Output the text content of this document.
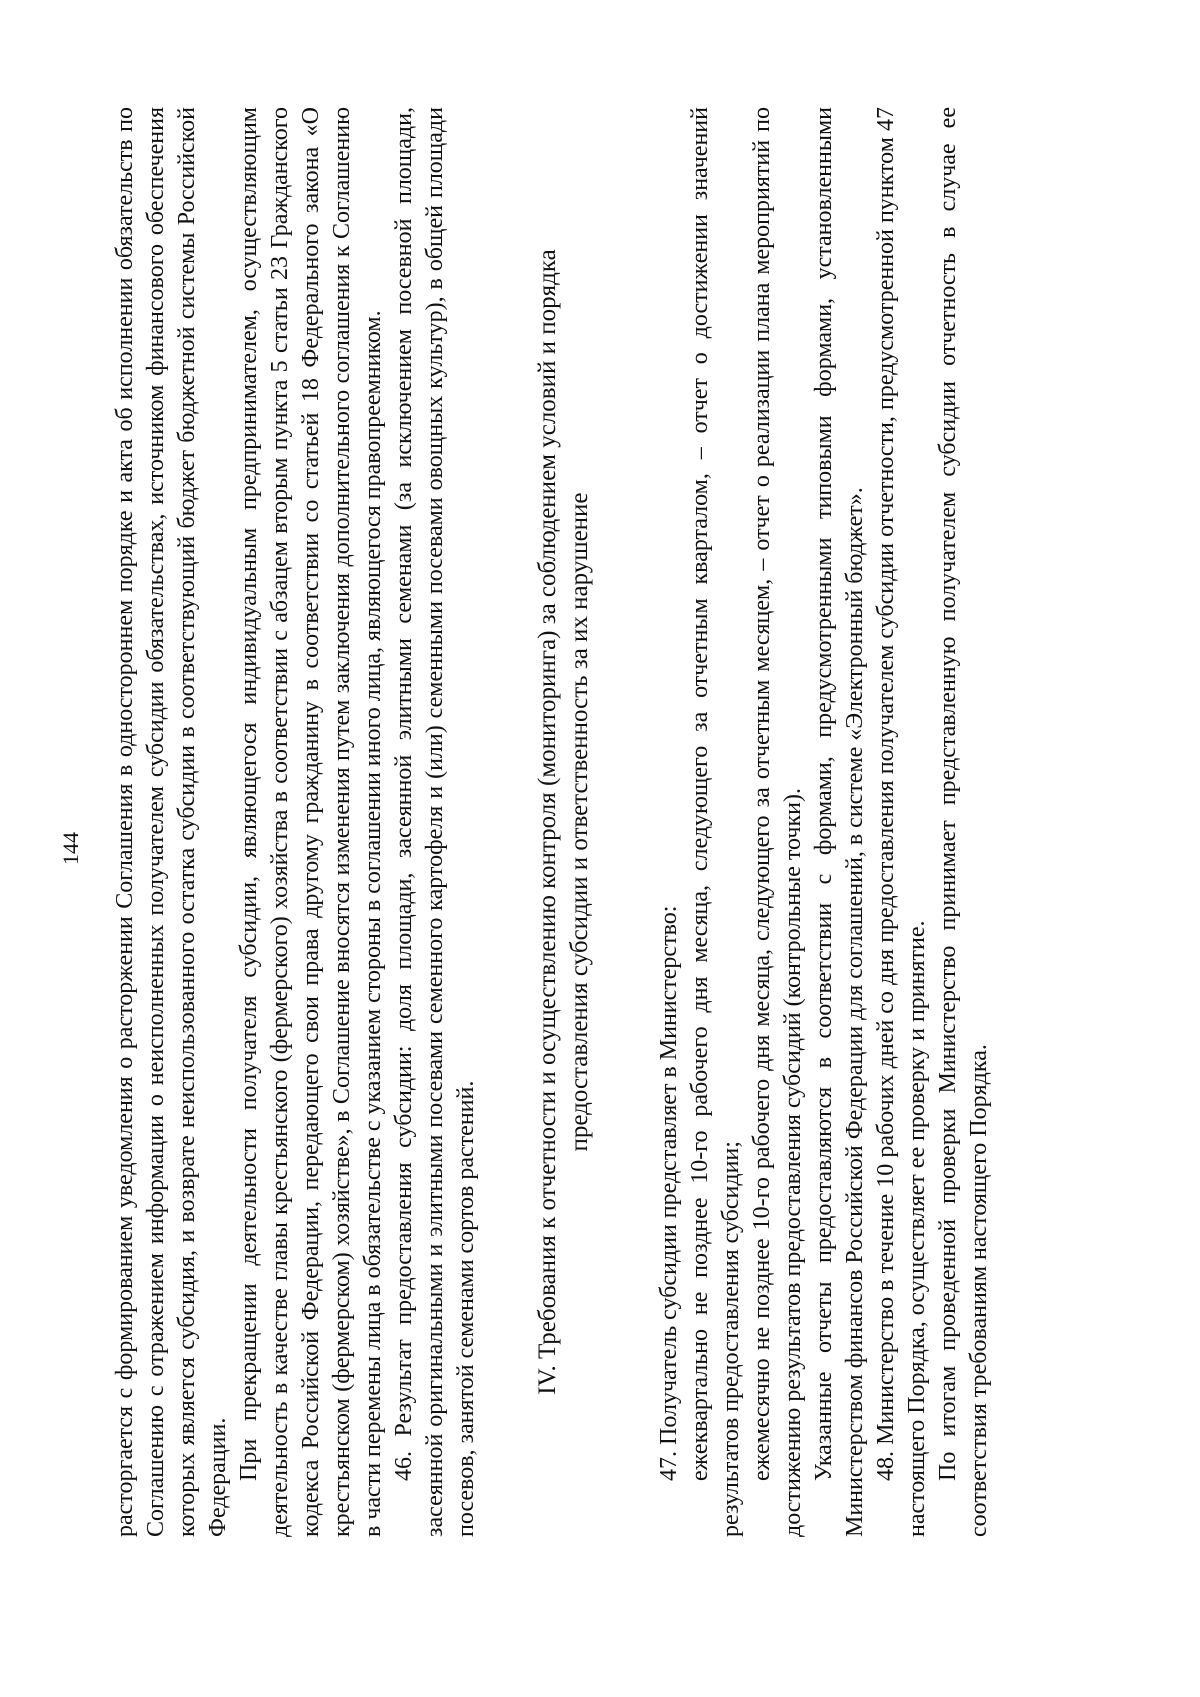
144 расторгается с формированием уведомления о расторжении Соглашения в одностороннем порядке и акта об исполнении обязательств по Соглашению с отражением информации о неисполненных получателем субсидии обязательствах, источником финансового обеспечения которых является субсидия, и возврате неиспользованного остатка субсидии в соответствующий бюджет бюджетной системы Российской Федерации. При прекращении деятельности получателя субсидии, являющегося индивидуальным предпринимателем, осуществляющим деятельность в качестве главы крестьянского (фермерского) хозяйства в соответствии с абзацем вторым пункта 5 статьи 23 Гражданского кодекса Российской Федерации, передающего свои права другому гражданину в соответствии со статьей 18 Федерального закона «О крестьянском (фермерском) хозяйстве», в Соглашение вносятся изменения путем заключения дополнительного соглашения к Соглашению в части перемены лица в обязательстве с указанием стороны в соглашении иного лица, являющегося правопреемником. 46. Результат предоставления субсидии: доля площади, засеянной элитными семенами (за исключением посевной площади, засеянной оригинальными и элитными посевами семенного картофеля и (или) семенными посевами овощных культур), в общей площади посевов, занятой семенами сортов растений. IV. Требования к отчетности и осуществлению контроля (мониторинга) за соблюдением условий и порядка предоставления субсидии и ответственность за их нарушение

47. Получатель субсидии представляет в Министерство: ежеквартально не позднее 10-го рабочего дня месяца, следующего за отчетным кварталом, – отчет о достижении значений результатов предоставления субсидии; ежемесячно не позднее 10-го рабочего дня месяца, следующего за отчетным месяцем, – отчет о реализации плана мероприятий по достижению результатов предоставления субсидий (контрольные точки). Указанные отчеты предоставляются в соответствии с формами, предусмотренными типовыми формами, установленными Министерством финансов Российской Федерации для соглашений, в системе «Электронный бюджет». 48. Министерство в течение 10 рабочих дней со дня предоставления получателем субсидии отчетности, предусмотренной пунктом 47 настоящего Порядка, осуществляет ее проверку и принятие. По итогам проведенной проверки Министерство принимает представленную получателем субсидии отчетность в случае ее соответствия требованиям настоящего Порядка.
